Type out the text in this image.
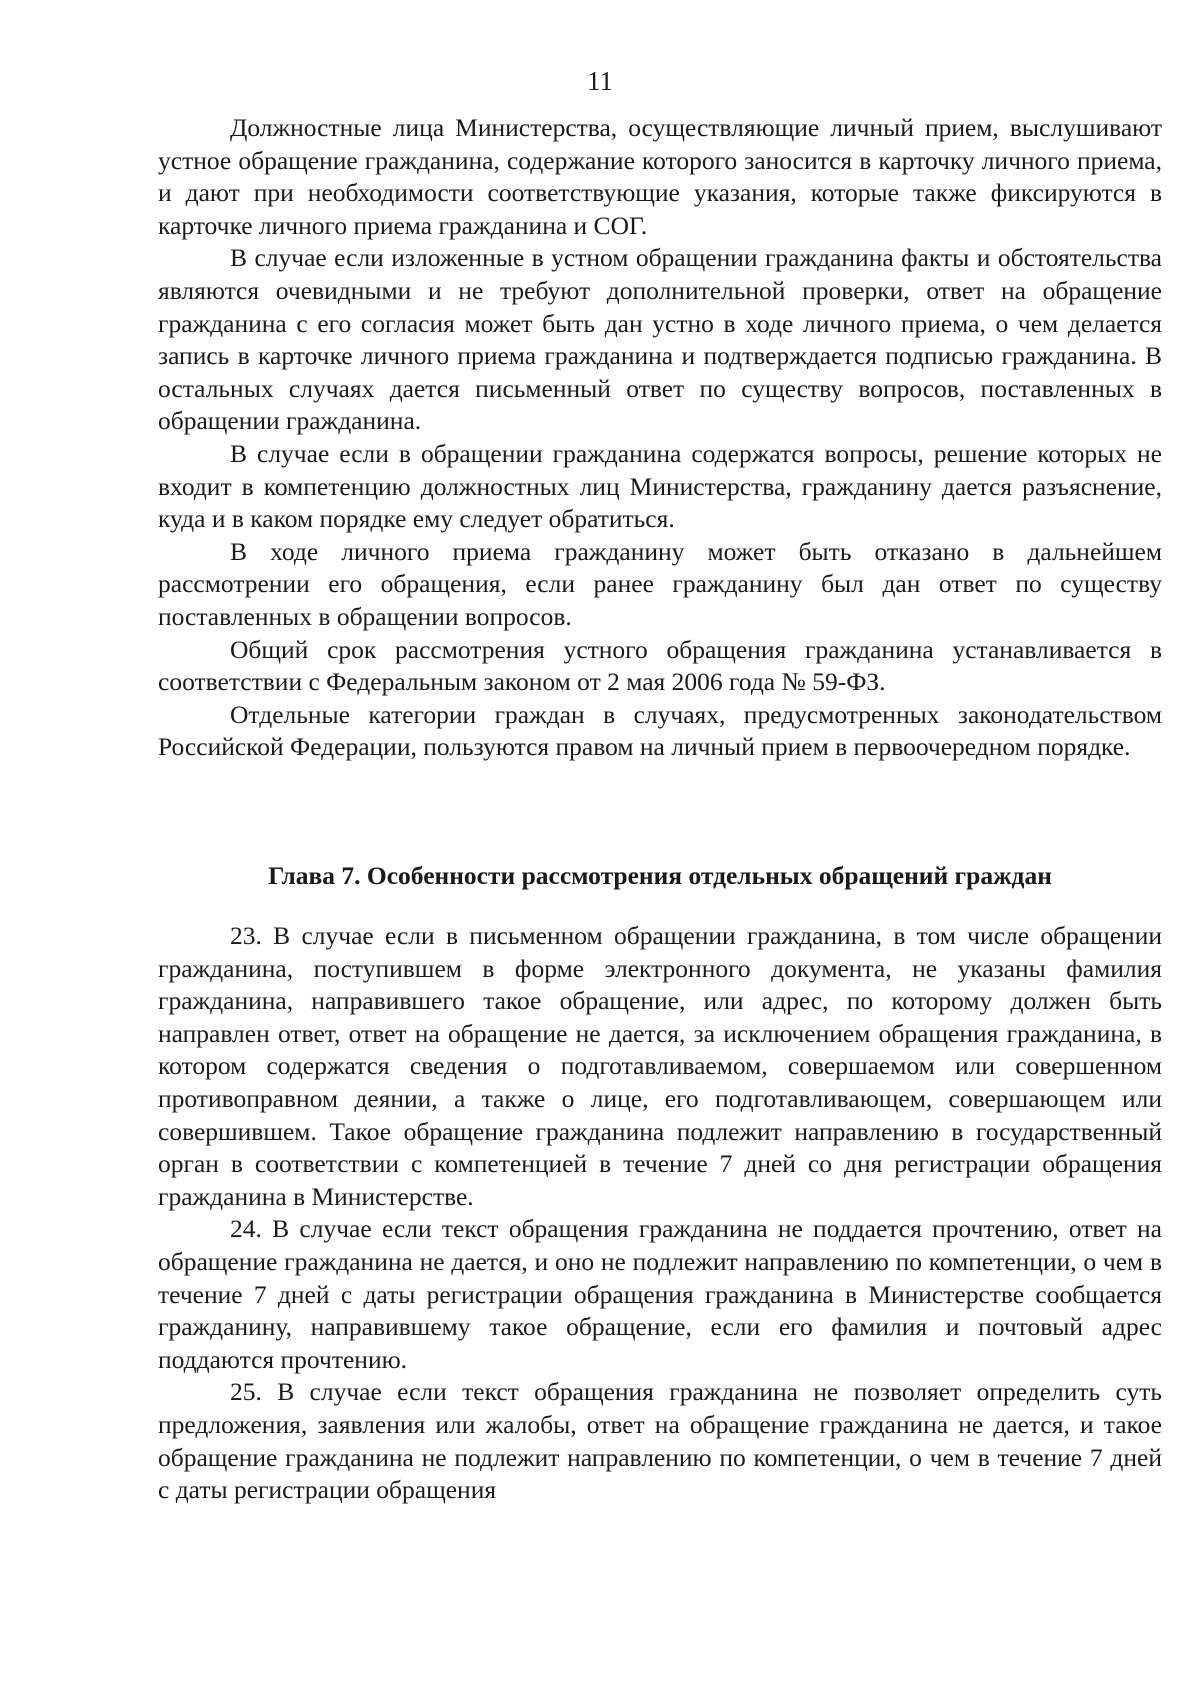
11

Должностные лица Министерства, осуществляющие личный прием, выслушивают устное обращение гражданина, содержание которого заносится в карточку личного приема, и дают при необходимости соответствующие указания, которые также фиксируются в карточке личного приема гражданина и СОГ.

В случае если изложенные в устном обращении гражданина факты и обстоятельства являются очевидными и не требуют дополнительной проверки, ответ на обращение гражданина с его согласия может быть дан устно в ходе личного приема, о чем делается запись в карточке личного приема гражданина и подтверждается подписью гражданина. В остальных случаях дается письменный ответ по существу вопросов, поставленных в обращении гражданина.

В случае если в обращении гражданина содержатся вопросы, решение которых не входит в компетенцию должностных лиц Министерства, гражданину дается разъяснение, куда и в каком порядке ему следует обратиться.

В ходе личного приема гражданину может быть отказано в дальнейшем рассмотрении его обращения, если ранее гражданину был дан ответ по существу поставленных в обращении вопросов.

Общий срок рассмотрения устного обращения гражданина устанавливается в соответствии с Федеральным законом от 2 мая 2006 года № 59-ФЗ.

Отдельные категории граждан в случаях, предусмотренных законодательством Российской Федерации, пользуются правом на личный прием в первоочередном порядке.

Глава 7. Особенности рассмотрения отдельных обращений граждан

23. В случае если в письменном обращении гражданина, в том числе обращении гражданина, поступившем в форме электронного документа, не указаны фамилия гражданина, направившего такое обращение, или адрес, по которому должен быть направлен ответ, ответ на обращение не дается, за исключением обращения гражданина, в котором содержатся сведения о подготавливаемом, совершаемом или совершенном противоправном деянии, а также о лице, его подготавливающем, совершающем или совершившем. Такое обращение гражданина подлежит направлению в государственный орган в соответствии с компетенцией в течение 7 дней со дня регистрации обращения гражданина в Министерстве.

24. В случае если текст обращения гражданина не поддается прочтению, ответ на обращение гражданина не дается, и оно не подлежит направлению по компетенции, о чем в течение 7 дней с даты регистрации обращения гражданина в Министерстве сообщается гражданину, направившему такое обращение, если его фамилия и почтовый адрес поддаются прочтению.

25. В случае если текст обращения гражданина не позволяет определить суть предложения, заявления или жалобы, ответ на обращение гражданина не дается, и такое обращение гражданина не подлежит направлению по компетенции, о чем в течение 7 дней с даты регистрации обращения
